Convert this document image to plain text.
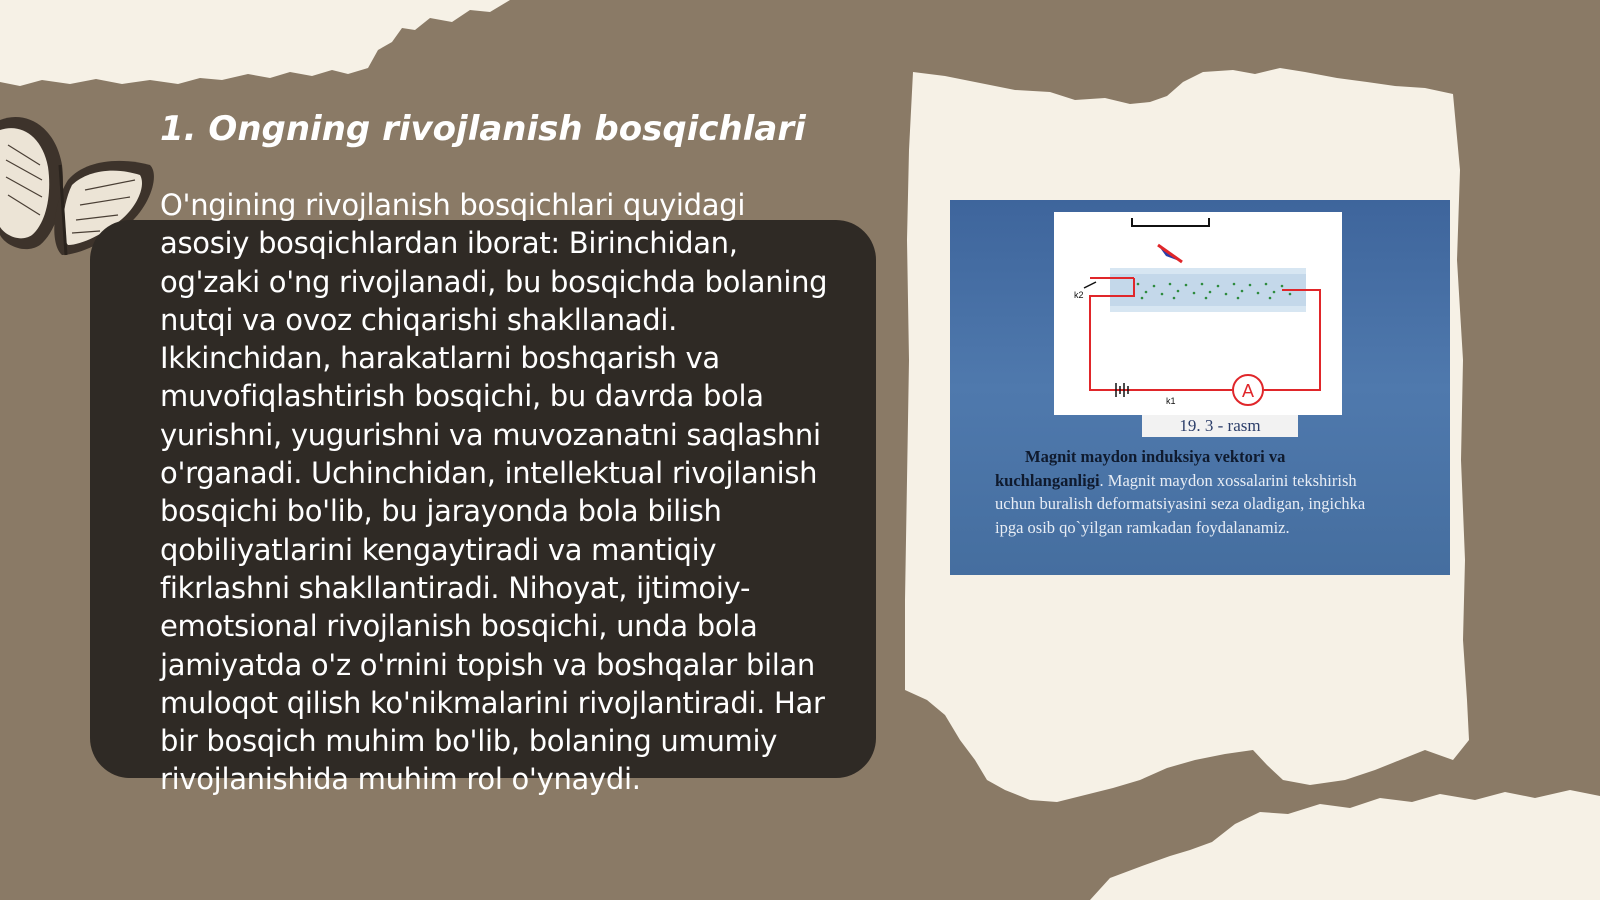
1. Ongning rivojlanish bosqichlari

O'ngining rivojlanish bosqichlari quyidagi asosiy bosqichlardan iborat: Birinchidan, og'zaki o'ng rivojlanadi, bu bosqichda bolaning nutqi va ovoz chiqarishi shakllanadi. Ikkinchidan, harakatlarni boshqarish va muvofiqlashtirish bosqichi, bu davrda bola yurishni, yugurishni va muvozanatni saqlashni o'rganadi. Uchinchidan, intellektual rivojlanish bosqichi bo'lib, bu jarayonda bola bilish qobiliyatlarini kengaytiradi va mantiqiy fikrlashni shakllantiradi. Nihoyat, ijtimoiy-emotsional rivojlanish bosqichi, unda bola jamiyatda o'z o'rnini topish va boshqalar bilan muloqot qilish ko'nikmalarini rivojlantiradi. Har bir bosqich muhim bo'lib, bolaning umumiy rivojlanishida muhim rol o'ynaydi.

A
k2
k1
19. 3 - rasm

Magnit maydon induksiya vektori va kuchlanganligi. Magnit maydon xossalarini tekshirish uchun buralish deformatsiyasini seza oladigan, ingichka ipga osib qo`yilgan ramkadan foydalanamiz.
